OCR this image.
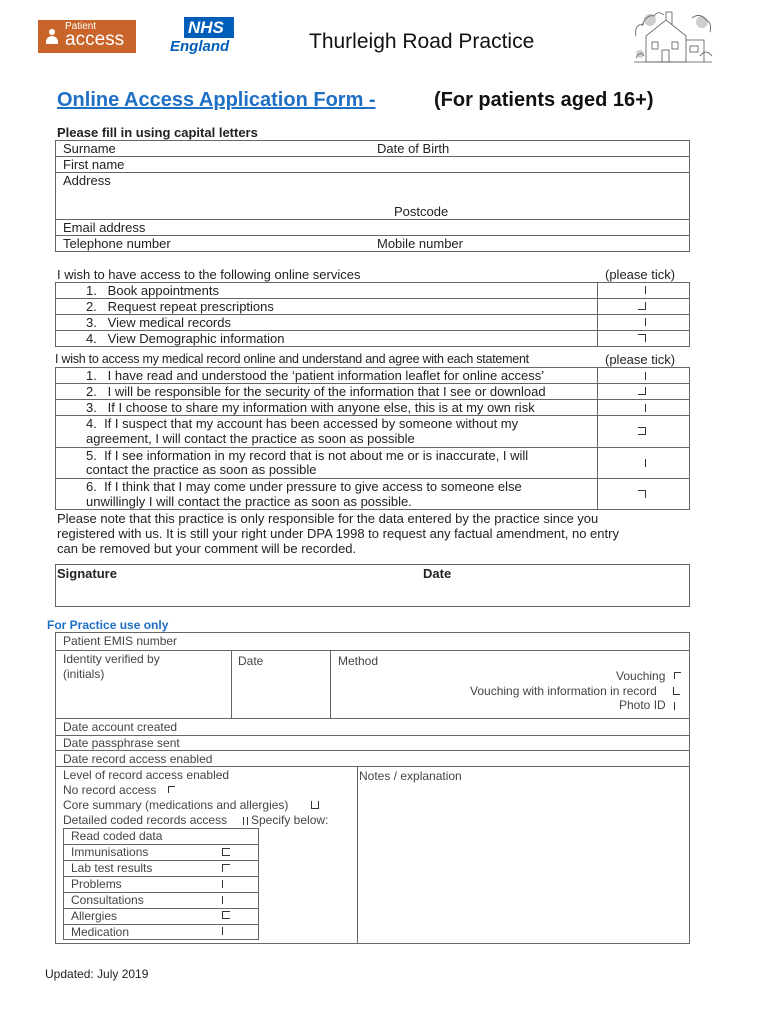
Patient
access
NHS
England	Thurleigh Road Practice
Online Access Application Form -	(For patients aged 16+)
Please fill in using capital letters
Surname	Date of Birth
First name
Address
Postcode
Email address
Telephone number	Mobile number
I wish to have access to the following online services	(please tick)
1.   Book appointments
2.   Request repeat prescriptions
3.   View medical records
4.   View Demographic information
I wish to access my medical record online and understand and agree with each statement	(please tick)
1.   I have read and understood the ‘patient information leaflet for online access’
2.   I will be responsible for the security of the information that I see or download
3.   If I choose to share my information with anyone else, this is at my own risk
4.  If I suspect that my account has been accessed by someone without my
agreement, I will contact the practice as soon as possible
5.  If I see information in my record that is not about me or is inaccurate, I will
contact the practice as soon as possible
6.  If I think that I may come under pressure to give access to someone else
unwillingly I will contact the practice as soon as possible.
Please note that this practice is only responsible for the data entered by the practice since you
registered with us. It is still your right under DPA 1998 to request any factual amendment, no entry
can be removed but your comment will be recorded.
Signature	Date
For Practice use only
Patient EMIS number
Identity verified by
(initials)
Date	Method
Vouching
Vouching with information in record
Photo ID
Date account created
Date passphrase sent
Date record access enabled
Level of record access enabled	Notes / explanation
No record access
Core summary (medications and allergies)
Detailed coded records access Specify below:
Read coded data
Immunisations
Lab test results
Problems
Consultations
Allergies
Medication
Updated: July 2019
